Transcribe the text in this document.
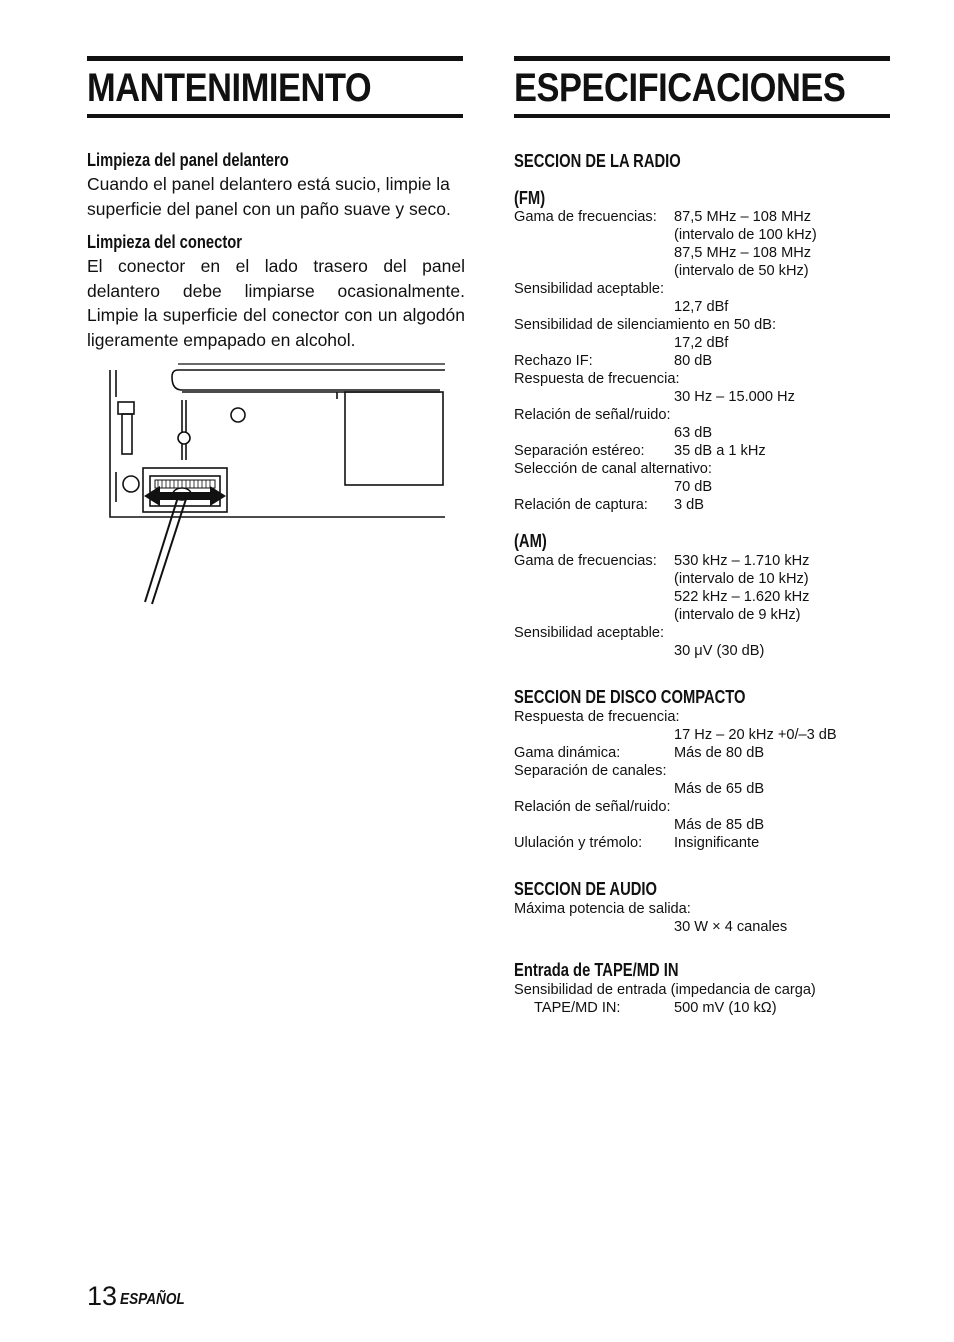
MANTENIMIENTO
Limpieza del panel delantero

Cuando el panel delantero está sucio, limpie la superficie del panel con un paño suave y seco.

Limpieza del conector

El conector en el lado trasero del panel delantero debe limpiarse ocasionalmente. Limpie la superficie del conector con un algodón ligeramente empapado en alcohol.

ESPECIFICACIONES
SECCION DE LA RADIO
(FM)
Gama de frecuencias: 87,5 MHz – 108 MHz
(intervalo de 100 kHz)
87,5 MHz – 108 MHz
(intervalo de 50 kHz)
Sensibilidad aceptable:
12,7 dBf
Sensibilidad de silenciamiento en 50 dB:
17,2 dBf
Rechazo IF:	80 dB
Respuesta de frecuencia:
30 Hz – 15.000 Hz
Relación de señal/ruido:
63 dB
Separación estéreo: 35 dB a 1 kHz
Selección de canal alternativo:
70 dB
Relación de captura: 3 dB
(AM)
Gama de frecuencias: 530 kHz – 1.710 kHz
(intervalo de 10 kHz)
522 kHz – 1.620 kHz
(intervalo de 9 kHz)
Sensibilidad aceptable:
30 μV (30 dB)
SECCION DE DISCO COMPACTO
Respuesta de frecuencia:
17 Hz – 20 kHz +0/–3 dB
Gama dinámica:	Más de 80 dB
Separación de canales:
Más de 65 dB
Relación de señal/ruido:
Más de 85 dB
Ululación y trémolo: Insignificante
SECCION DE AUDIO
Máxima potencia de salida:
30 W × 4 canales
Entrada de TAPE/MD IN
Sensibilidad de entrada (impedancia de carga)
TAPE/MD IN:	500 mV (10 kΩ)
13 ESPAÑOL
